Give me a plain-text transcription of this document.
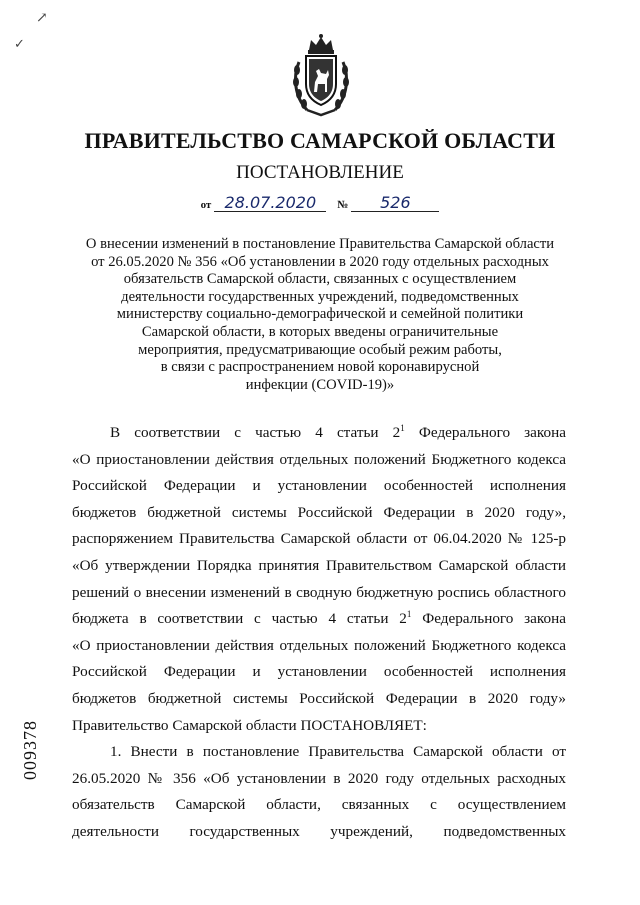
↗
✓
ПРАВИТЕЛЬСТВО САМАРСКОЙ ОБЛАСТИ
ПОСТАНОВЛЕНИЕ
от 28.07.2020 № 526
О внесении изменений в постановление Правительства Самарской области
от 26.05.2020 № 356 «Об установлении в 2020 году отдельных расходных
обязательств Самарской области, связанных с осуществлением
деятельности государственных учреждений, подведомственных
министерству социально-демографической и семейной политики
Самарской области, в которых введены ограничительные
мероприятия, предусматривающие особый режим работы,
в связи с распространением новой коронавирусной
инфекции (COVID-19)»
В соответствии с частью 4 статьи $2^1$ Федерального закона
«О приостановлении действия отдельных положений Бюджетного кодекса
Российской Федерации и установлении особенностей исполнения
бюджетов бюджетной системы Российской Федерации в 2020 году»,
распоряжением Правительства Самарской области от 06.04.2020 № 125-р
«Об утверждении Порядка принятия Правительством Самарской области
решений о внесении изменений в сводную бюджетную роспись областного
бюджета в соответствии с частью 4 статьи $2^1$ Федерального закона
«О приостановлении действия отдельных положений Бюджетного кодекса
Российской Федерации и установлении особенностей исполнения
бюджетов бюджетной системы Российской Федерации в 2020 году»
Правительство Самарской области ПОСТАНОВЛЯЕТ:
1. Внести в постановление Правительства Самарской области от
26.05.2020 № 356 «Об установлении в 2020 году отдельных расходных
обязательств Самарской области, связанных с осуществлением
деятельности государственных учреждений, подведомственных
009378
